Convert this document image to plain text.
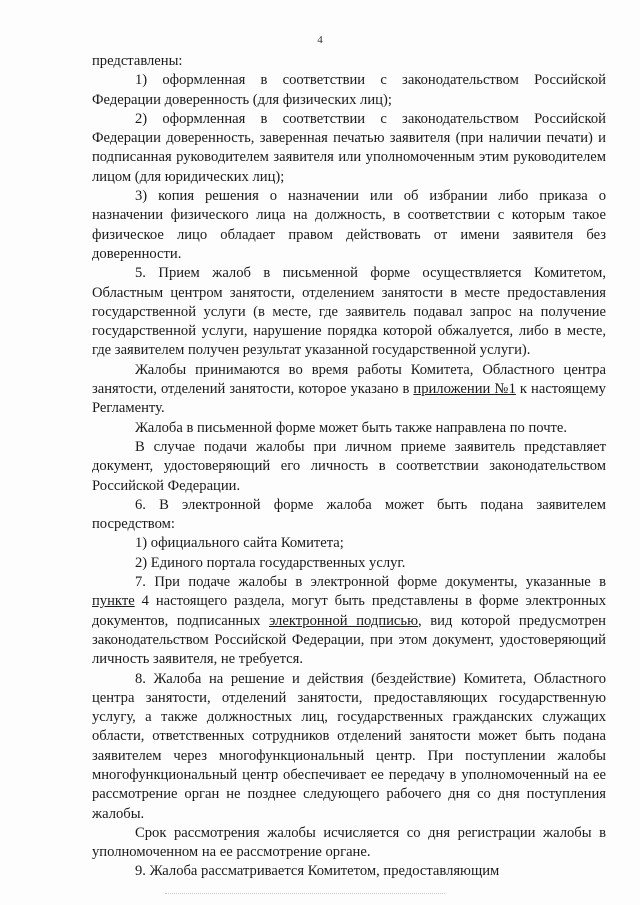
4

представлены:

1) оформленная в соответствии с законодательством Российской Федерации доверенность (для физических лиц);

2) оформленная в соответствии с законодательством Российской Федерации доверенность, заверенная печатью заявителя (при наличии печати) и подписанная руководителем заявителя или уполномоченным этим руководителем лицом (для юридических лиц);

3) копия решения о назначении или об избрании либо приказа о назначении физического лица на должность, в соответствии с которым такое физическое лицо обладает правом действовать от имени заявителя без доверенности.

5. Прием жалоб в письменной форме осуществляется Комитетом, Областным центром занятости, отделением занятости в месте предоставления государственной услуги (в месте, где заявитель подавал запрос на получение государственной услуги, нарушение порядка которой обжалуется, либо в месте, где заявителем получен результат указанной государственной услуги).

Жалобы принимаются во время работы Комитета, Областного центра занятости, отделений занятости, которое указано в приложении №1 к настоящему Регламенту.

Жалоба в письменной форме может быть также направлена по почте.

В случае подачи жалобы при личном приеме заявитель представляет документ, удостоверяющий его личность в соответствии законодательством Российской Федерации.

6. В электронной форме жалоба может быть подана заявителем посредством:

1) официального сайта Комитета;

2) Единого портала государственных услуг.

7. При подаче жалобы в электронной форме документы, указанные в пункте 4 настоящего раздела, могут быть представлены в форме электронных документов, подписанных электронной подписью, вид которой предусмотрен законодательством Российской Федерации, при этом документ, удостоверяющий личность заявителя, не требуется.

8. Жалоба на решение и действия (бездействие) Комитета, Областного центра занятости, отделений занятости, предоставляющих государственную услугу, а также должностных лиц, государственных гражданских служащих области, ответственных сотрудников отделений занятости может быть подана заявителем через многофункциональный центр. При поступлении жалобы многофункциональный центр обеспечивает ее передачу в уполномоченный на ее рассмотрение орган не позднее следующего рабочего дня со дня поступления жалобы.

Срок рассмотрения жалобы исчисляется со дня регистрации жалобы в уполномоченном на ее рассмотрение органе.

9. Жалоба рассматривается Комитетом, предоставляющим
